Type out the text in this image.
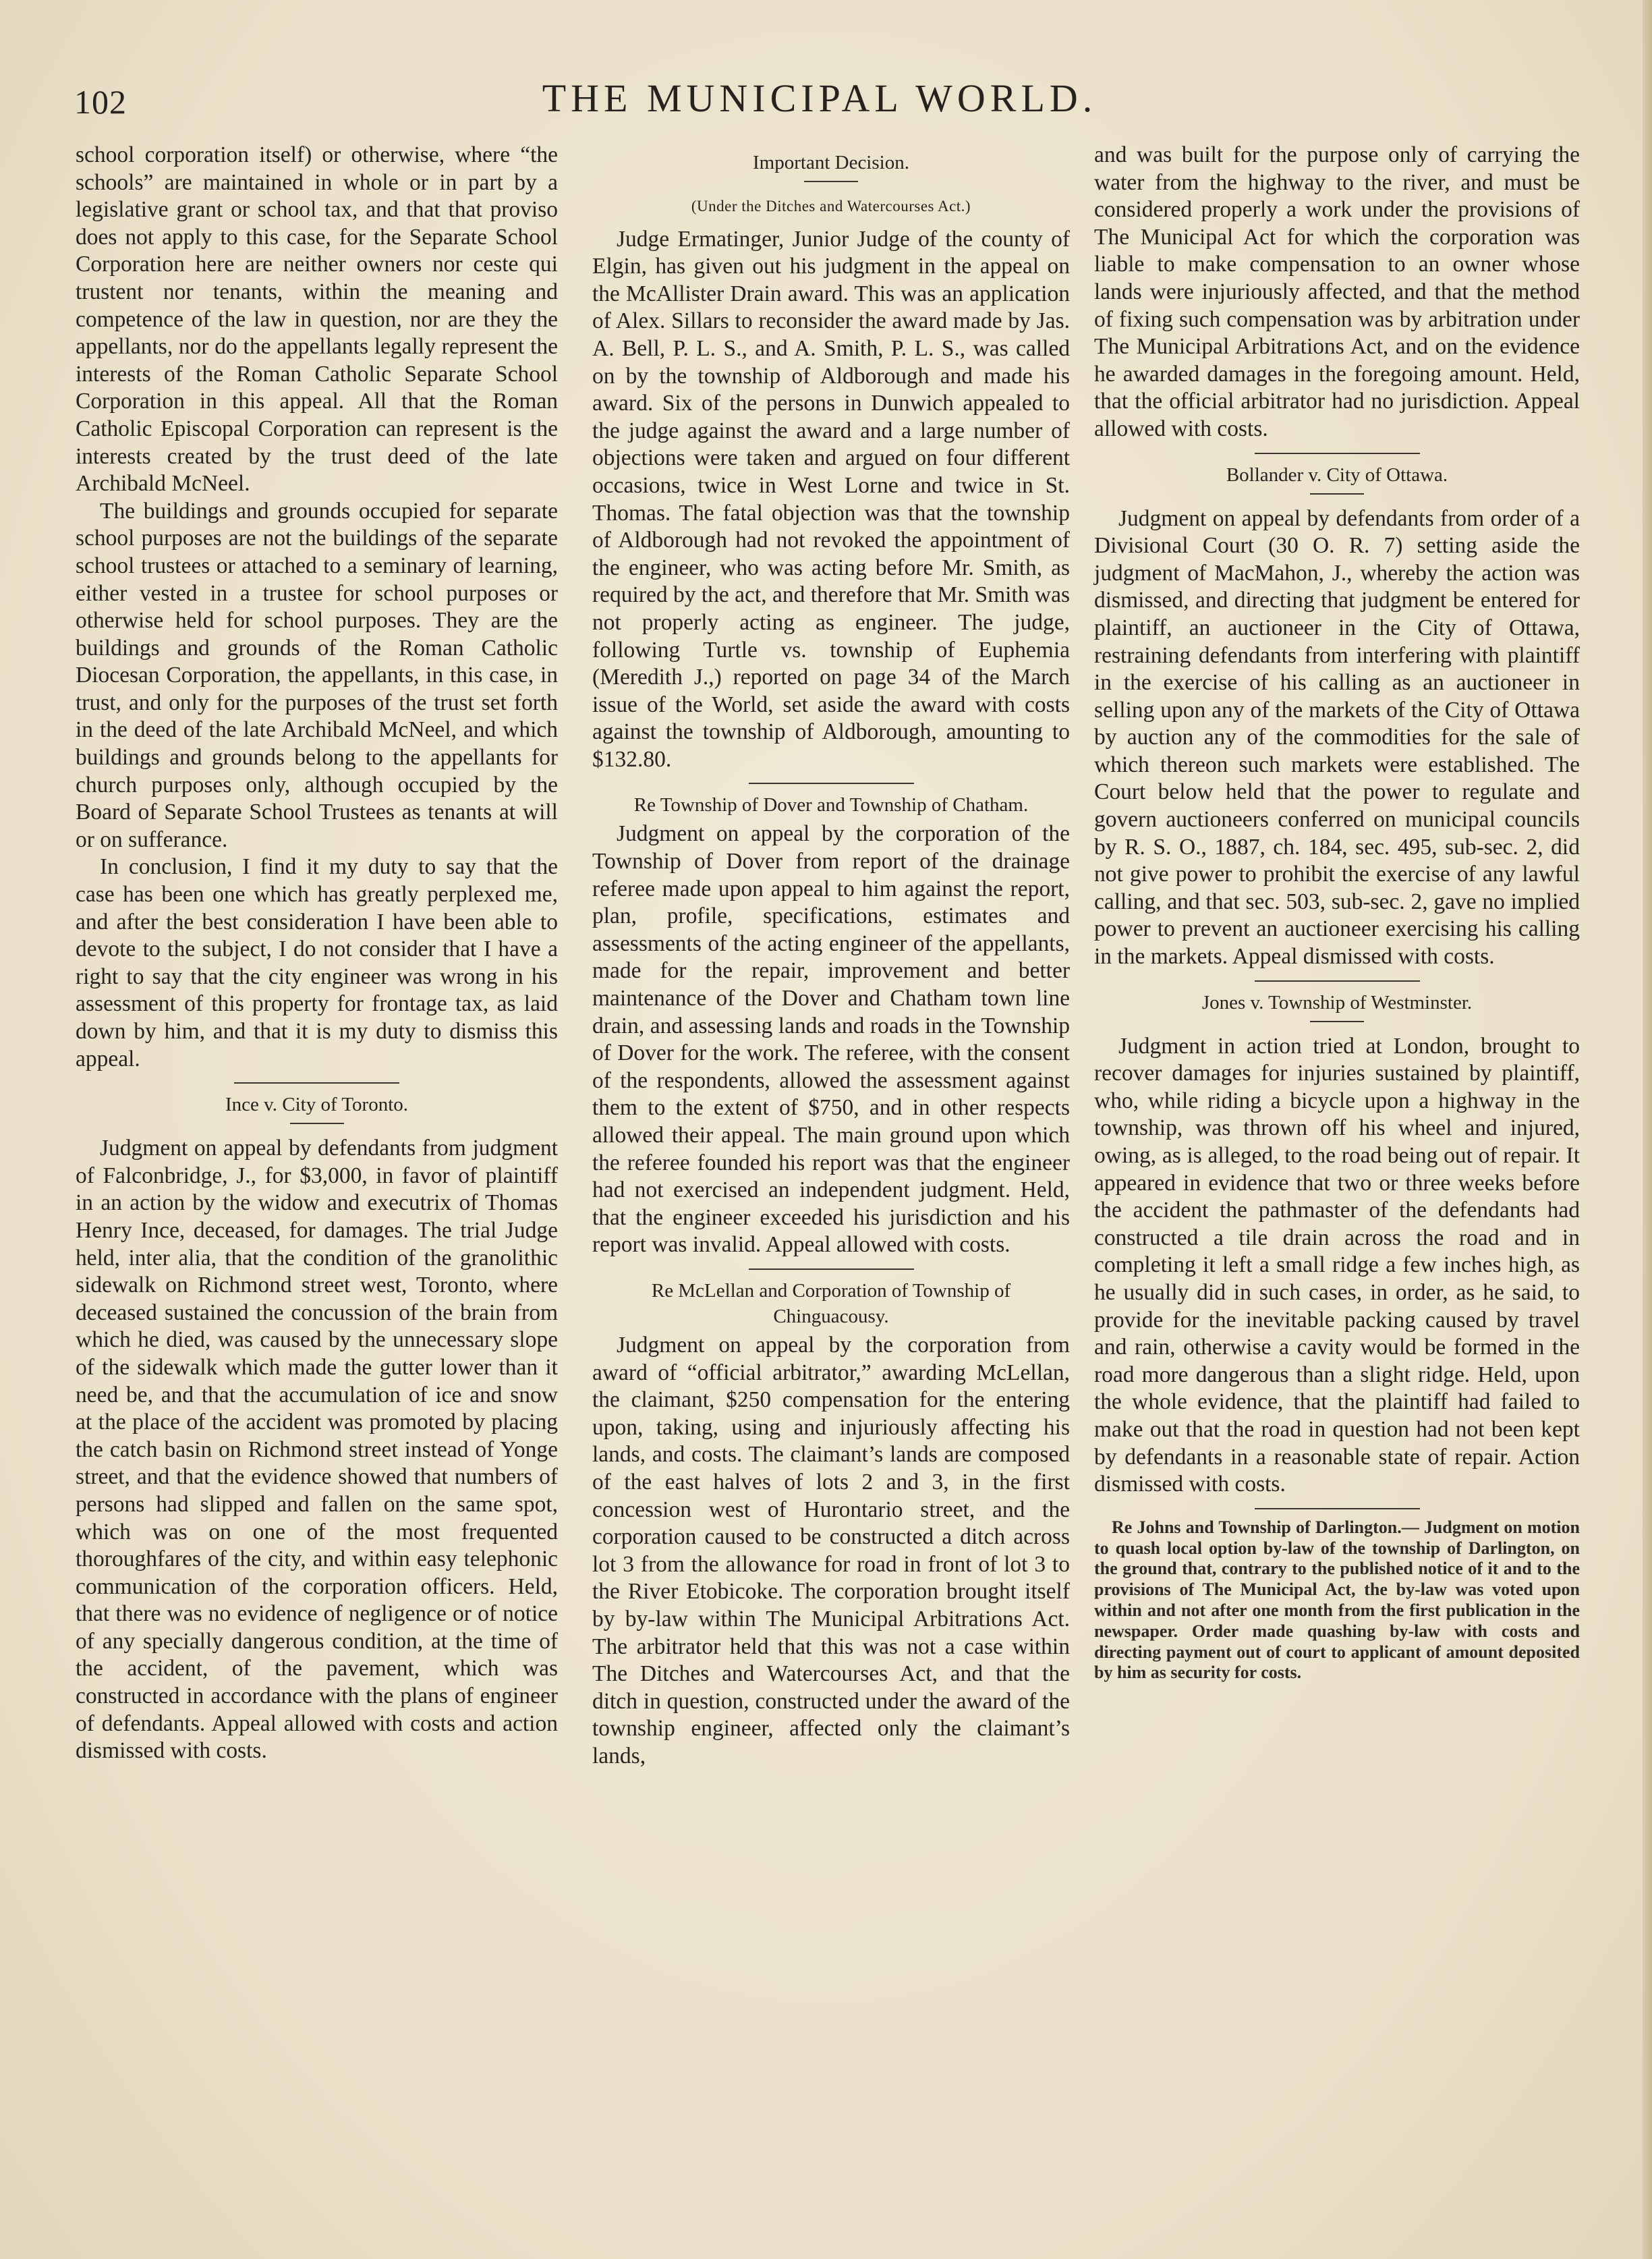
102	THE MUNICIPAL WORLD.

school corporation itself) or otherwise, where “the schools” are maintained in whole or in part by a legislative grant or school tax, and that that proviso does not apply to this case, for the Separate School Corporation here are neither owners nor ceste qui trustent nor tenants, within the meaning and competence of the law in question, nor are they the appellants, nor do the appellants legally represent the interests of the Roman Catholic Separate School Corporation in this appeal. All that the Roman Catholic Episcopal Corporation can represent is the interests created by the trust deed of the late Archibald McNeel.

The buildings and grounds occupied for separate school purposes are not the buildings of the separate school trustees or attached to a seminary of learning, either vested in a trustee for school purposes or otherwise held for school purposes. They are the buildings and grounds of the Roman Catholic Diocesan Corporation, the appellants, in this case, in trust, and only for the purposes of the trust set forth in the deed of the late Archibald McNeel, and which buildings and grounds belong to the appellants for church purposes only, although occupied by the Board of Separate School Trustees as tenants at will or on sufferance.

In conclusion, I find it my duty to say that the case has been one which has greatly perplexed me, and after the best consideration I have been able to devote to the subject, I do not consider that I have a right to say that the city engineer was wrong in his assessment of this property for frontage tax, as laid down by him, and that it is my duty to dismiss this appeal.

Ince v. City of Toronto.

Judgment on appeal by defendants from judgment of Falconbridge, J., for $3,000, in favor of plaintiff in an action by the widow and executrix of Thomas Henry Ince, deceased, for damages. The trial Judge held, inter alia, that the condition of the granolithic sidewalk on Richmond street west, Toronto, where deceased sustained the concussion of the brain from which he died, was caused by the unnecessary slope of the sidewalk which made the gutter lower than it need be, and that the accumulation of ice and snow at the place of the accident was promoted by placing the catch basin on Richmond street instead of Yonge street, and that the evidence showed that numbers of persons had slipped and fallen on the same spot, which was on one of the most frequented thoroughfares of the city, and within easy telephonic communication of the corporation officers. Held, that there was no evidence of negligence or of notice of any specially dangerous condition, at the time of the accident, of the pavement, which was constructed in accordance with the plans of engineer of defendants. Appeal allowed with costs and action dismissed with costs.

Important Decision.
(Under the Ditches and Watercourses Act.)

Judge Ermatinger, Junior Judge of the county of Elgin, has given out his judgment in the appeal on the McAllister Drain award. This was an application of Alex. Sillars to reconsider the award made by Jas. A. Bell, P. L. S., and A. Smith, P. L. S., was called on by the township of Aldborough and made his award. Six of the persons in Dunwich appealed to the judge against the award and a large number of objections were taken and argued on four different occasions, twice in West Lorne and twice in St. Thomas. The fatal objection was that the township of Aldborough had not revoked the appointment of the engineer, who was acting before Mr. Smith, as required by the act, and therefore that Mr. Smith was not properly acting as engineer. The judge, following Turtle vs. township of Euphemia (Meredith J.,) reported on page 34 of the March issue of the World, set aside the award with costs against the township of Aldborough, amounting to $132.80.

Re Township of Dover and Township of Chatham.

Judgment on appeal by the corporation of the Township of Dover from report of the drainage referee made upon appeal to him against the report, plan, profile, specifications, estimates and assessments of the acting engineer of the appellants, made for the repair, improvement and better maintenance of the Dover and Chatham town line drain, and assessing lands and roads in the Township of Dover for the work. The referee, with the consent of the respondents, allowed the assessment against them to the extent of $750, and in other respects allowed their appeal. The main ground upon which the referee founded his report was that the engineer had not exercised an independent judgment. Held, that the engineer exceeded his jurisdiction and his report was invalid. Appeal allowed with costs.

Re McLellan and Corporation of Township of Chinguacousy.

Judgment on appeal by the corporation from award of “official arbitrator,” awarding McLellan, the claimant, $250 compensation for the entering upon, taking, using and injuriously affecting his lands, and costs. The claimant’s lands are composed of the east halves of lots 2 and 3, in the first concession west of Hurontario street, and the corporation caused to be constructed a ditch across lot 3 from the allowance for road in front of lot 3 to the River Etobicoke. The corporation brought itself by by-law within The Municipal Arbitrations Act. The arbitrator held that this was not a case within The Ditches and Watercourses Act, and that the ditch in question, constructed under the award of the township engineer, affected only the claimant’s lands,

and was built for the purpose only of carrying the water from the highway to the river, and must be considered properly a work under the provisions of The Municipal Act for which the corporation was liable to make compensation to an owner whose lands were injuriously affected, and that the method of fixing such compensation was by arbitration under The Municipal Arbitrations Act, and on the evidence he awarded damages in the foregoing amount. Held, that the official arbitrator had no jurisdiction. Appeal allowed with costs.

Bollander v. City of Ottawa.

Judgment on appeal by defendants from order of a Divisional Court (30 O. R. 7) setting aside the judgment of MacMahon, J., whereby the action was dismissed, and directing that judgment be entered for plaintiff, an auctioneer in the City of Ottawa, restraining defendants from interfering with plaintiff in the exercise of his calling as an auctioneer in selling upon any of the markets of the City of Ottawa by auction any of the commodities for the sale of which thereon such markets were established. The Court below held that the power to regulate and govern auctioneers conferred on municipal councils by R. S. O., 1887, ch. 184, sec. 495, sub-sec. 2, did not give power to prohibit the exercise of any lawful calling, and that sec. 503, sub-sec. 2, gave no implied power to prevent an auctioneer exercising his calling in the markets. Appeal dismissed with costs.

Jones v. Township of Westminster.

Judgment in action tried at London, brought to recover damages for injuries sustained by plaintiff, who, while riding a bicycle upon a highway in the township, was thrown off his wheel and injured, owing, as is alleged, to the road being out of repair. It appeared in evidence that two or three weeks before the accident the pathmaster of the defendants had constructed a tile drain across the road and in completing it left a small ridge a few inches high, as he usually did in such cases, in order, as he said, to provide for the inevitable packing caused by travel and rain, otherwise a cavity would be formed in the road more dangerous than a slight ridge. Held, upon the whole evidence, that the plaintiff had failed to make out that the road in question had not been kept by defendants in a reasonable state of repair. Action dismissed with costs.

Re Johns and Township of Darlington.— Judgment on motion to quash local option by-law of the township of Darlington, on the ground that, contrary to the published notice of it and to the provisions of The Municipal Act, the by-law was voted upon within and not after one month from the first publication in the newspaper. Order made quashing by-law with costs and directing payment out of court to applicant of amount deposited by him as security for costs.
